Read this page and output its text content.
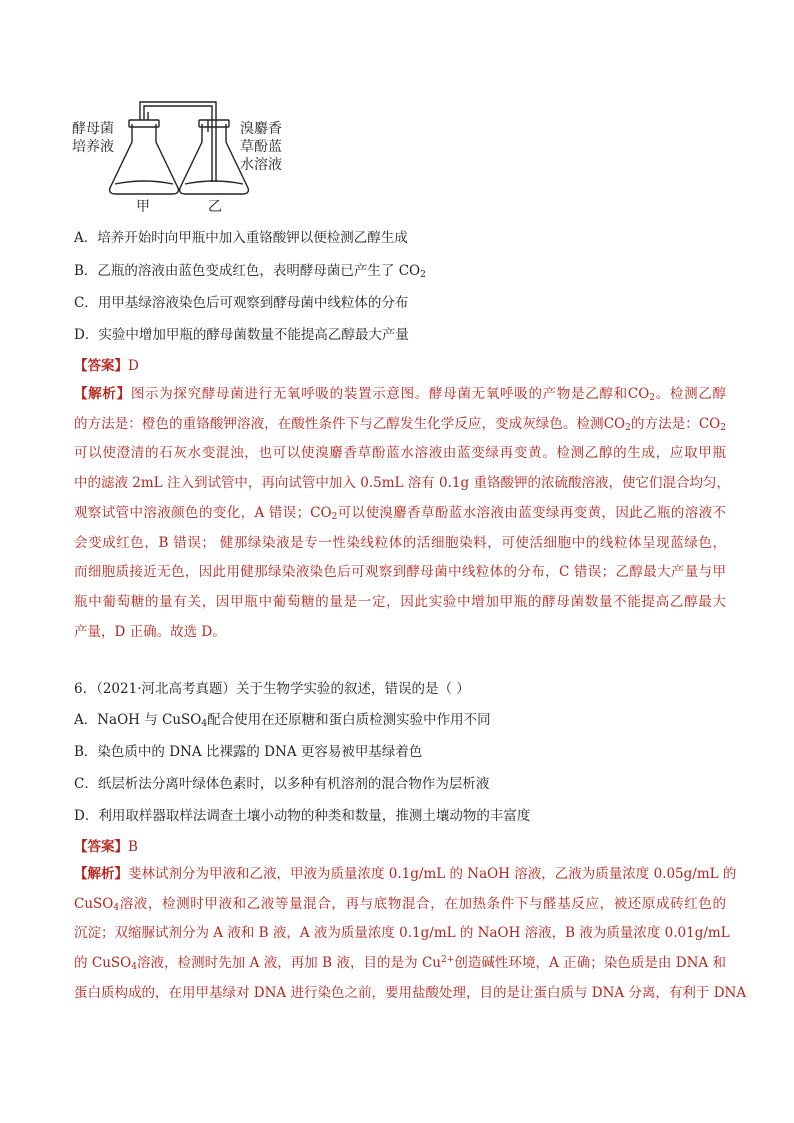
酵母菌
培养液
溴麝香
草酚蓝
水溶液
甲	乙
A．培养开始时向甲瓶中加入重铬酸钾以便检测乙醇生成
B．乙瓶的溶液由蓝色变成红色，表明酵母菌已产生了 $CO_2$
C．用甲基绿溶液染色后可观察到酵母菌中线粒体的分布
D．实验中增加甲瓶的酵母菌数量不能提高乙醇最大产量
【答案】D
【解析】图示为探究酵母菌进行无氧呼吸的装置示意图。酵母菌无氧呼吸的产物是乙醇和$CO_2$。检测乙醇
的方法是：橙色的重铬酸钾溶液，在酸性条件下与乙醇发生化学反应，变成灰绿色。检测$CO_2$的方法是：$CO_2$
可以使澄清的石灰水变混浊，也可以使溴麝香草酚蓝水溶液由蓝变绿再变黄。检测乙醇的生成，应取甲瓶
中的滤液 2mL 注入到试管中，再向试管中加入 0.5mL 溶有 0.1g 重铬酸钾的浓硫酸溶液，使它们混合均匀，
观察试管中溶液颜色的变化，A 错误；$CO_2$可以使溴麝香草酚蓝水溶液由蓝变绿再变黄，因此乙瓶的溶液不
会变成红色，B 错误； 健那绿染液是专一性染线粒体的活细胞染料，可使活细胞中的线粒体呈现蓝绿色，
而细胞质接近无色，因此用健那绿染液染色后可观察到酵母菌中线粒体的分布，C 错误；乙醇最大产量与甲
瓶中葡萄糖的量有关，因甲瓶中葡萄糖的量是一定，因此实验中增加甲瓶的酵母菌数量不能提高乙醇最大
产量，D 正确。故选 D。
6．（2021·河北高考真题）关于生物学实验的叙述，错误的是（ ）
A．NaOH 与 CuSO$_4$配合使用在还原糖和蛋白质检测实验中作用不同
B．染色质中的 DNA 比裸露的 DNA 更容易被甲基绿着色
C．纸层析法分离叶绿体色素时，以多种有机溶剂的混合物作为层析液
D．利用取样器取样法调查土壤小动物的种类和数量，推测土壤动物的丰富度
【答案】B
【解析】斐林试剂分为甲液和乙液，甲液为质量浓度 0.1g/mL 的 NaOH 溶液，乙液为质量浓度 0.05g/mL 的
CuSO$_4$溶液，检测时甲液和乙液等量混合，再与底物混合，在加热条件下与醛基反应，被还原成砖红色的
沉淀；双缩脲试剂分为 A 液和 B 液，A 液为质量浓度 0.1g/mL 的 NaOH 溶液，B 液为质量浓度 0.01g/mL
的 CuSO$_4$溶液，检测时先加 A 液，再加 B 液，目的是为 $Cu^{2+}$创造碱性环境，A 正确；染色质是由 DNA 和
蛋白质构成的，在用甲基绿对 DNA 进行染色之前，要用盐酸处理，目的是让蛋白质与 DNA 分离，有利于 DNA
